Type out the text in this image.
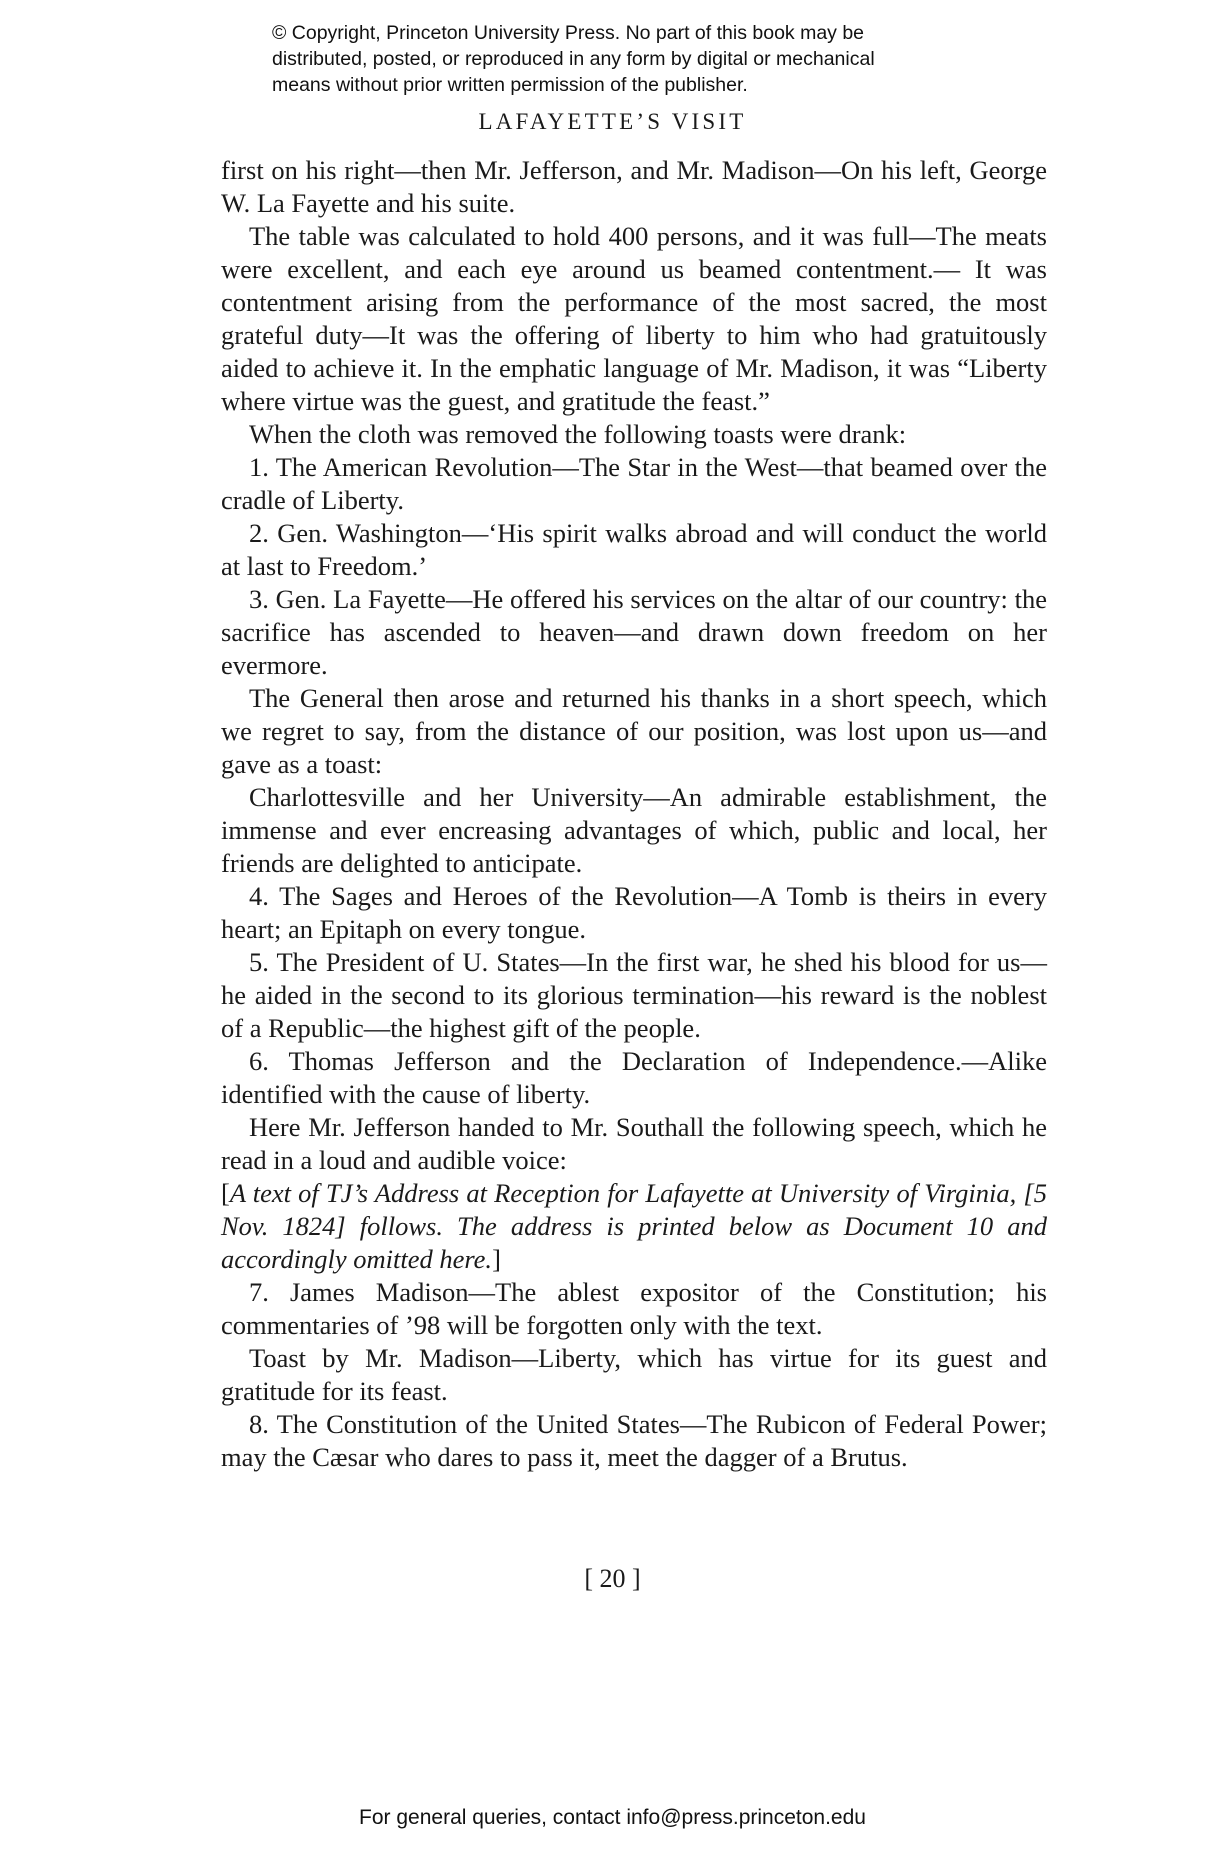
© Copyright, Princeton University Press. No part of this book may be
distributed, posted, or reproduced in any form by digital or mechanical
means without prior written permission of the publisher.
LAFAYETTE’S VISIT

first on his right—then Mr. Jefferson, and Mr. Madison—On his left, George W. La Fayette and his suite.

The table was calculated to hold 400 persons, and it was full—The meats were excellent, and each eye around us beamed contentment.— It was contentment arising from the performance of the most sacred, the most grateful duty—It was the offering of liberty to him who had gratuitously aided to achieve it. In the emphatic language of Mr. Madison, it was “Liberty where virtue was the guest, and gratitude the feast.”

When the cloth was removed the following toasts were drank:

1. The American Revolution—The Star in the West—that beamed over the cradle of Liberty.

2. Gen. Washington—‘His spirit walks abroad and will conduct the world at last to Freedom.’

3. Gen. La Fayette—He offered his services on the altar of our country: the sacrifice has ascended to heaven—and drawn down freedom on her evermore.

The General then arose and returned his thanks in a short speech, which we regret to say, from the distance of our position, was lost upon us—and gave as a toast:

Charlottesville and her University—An admirable establishment, the immense and ever encreasing advantages of which, public and local, her friends are delighted to anticipate.

4. The Sages and Heroes of the Revolution—A Tomb is theirs in every heart; an Epitaph on every tongue.

5. The President of U. States—In the first war, he shed his blood for us—he aided in the second to its glorious termination—his reward is the noblest of a Republic—the highest gift of the people.

6. Thomas Jefferson and the Declaration of Independence.—Alike identified with the cause of liberty.

Here Mr. Jefferson handed to Mr. Southall the following speech, which he read in a loud and audible voice:

[A text of TJ’s Address at Reception for Lafayette at University of Virginia, [5 Nov. 1824] follows. The address is printed below as Document 10 and accordingly omitted here.]

7. James Madison—The ablest expositor of the Constitution; his commentaries of ’98 will be forgotten only with the text.

Toast by Mr. Madison—Liberty, which has virtue for its guest and gratitude for its feast.

8. The Constitution of the United States—The Rubicon of Federal Power; may the Cæsar who dares to pass it, meet the dagger of a Brutus.

[ 20 ]
For general queries, contact info@press.princeton.edu
